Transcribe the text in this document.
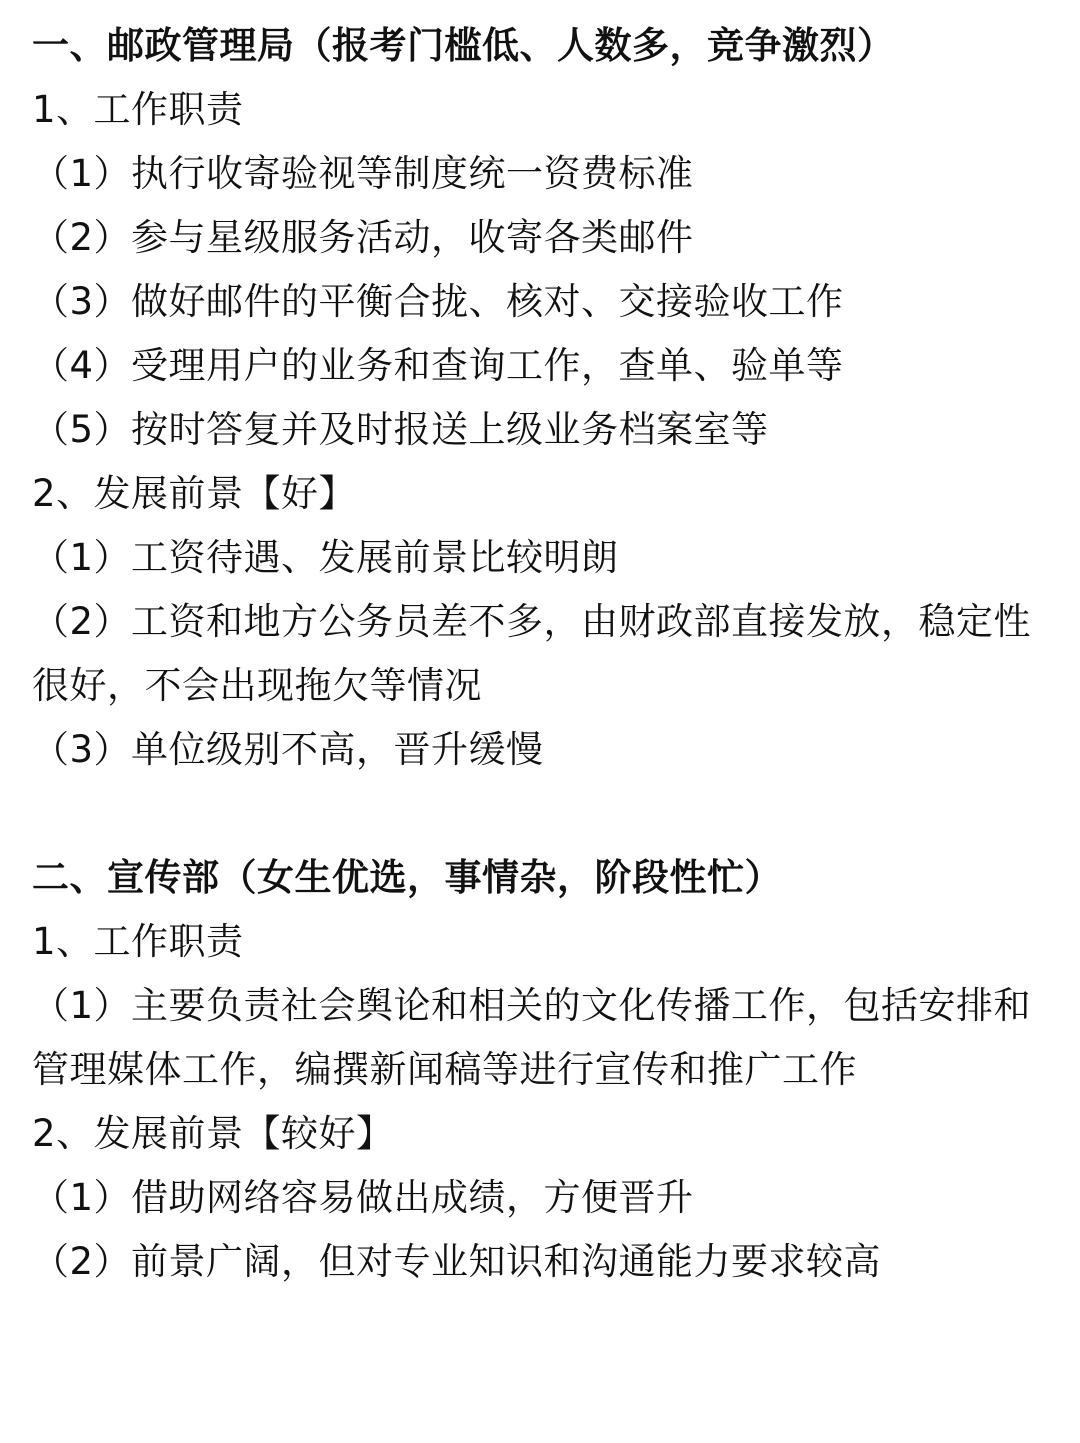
一、邮政管理局（报考门槛低、人数多，竞争激烈）
1、工作职责
（1）执行收寄验视等制度统一资费标准
（2）参与星级服务活动，收寄各类邮件
（3）做好邮件的平衡合拢、核对、交接验收工作
（4）受理用户的业务和查询工作，查单、验单等
（5）按时答复并及时报送上级业务档案室等
2、发展前景【好】
（1）工资待遇、发展前景比较明朗
（2）工资和地方公务员差不多，由财政部直接发放，稳定性很好，不会出现拖欠等情况
（3）单位级别不高，晋升缓慢
二、宣传部（女生优选，事情杂，阶段性忙）
1、工作职责
（1）主要负责社会舆论和相关的文化传播工作，包括安排和管理媒体工作，编撰新闻稿等进行宣传和推广工作
2、发展前景【较好】
（1）借助网络容易做出成绩，方便晋升
（2）前景广阔，但对专业知识和沟通能力要求较高
